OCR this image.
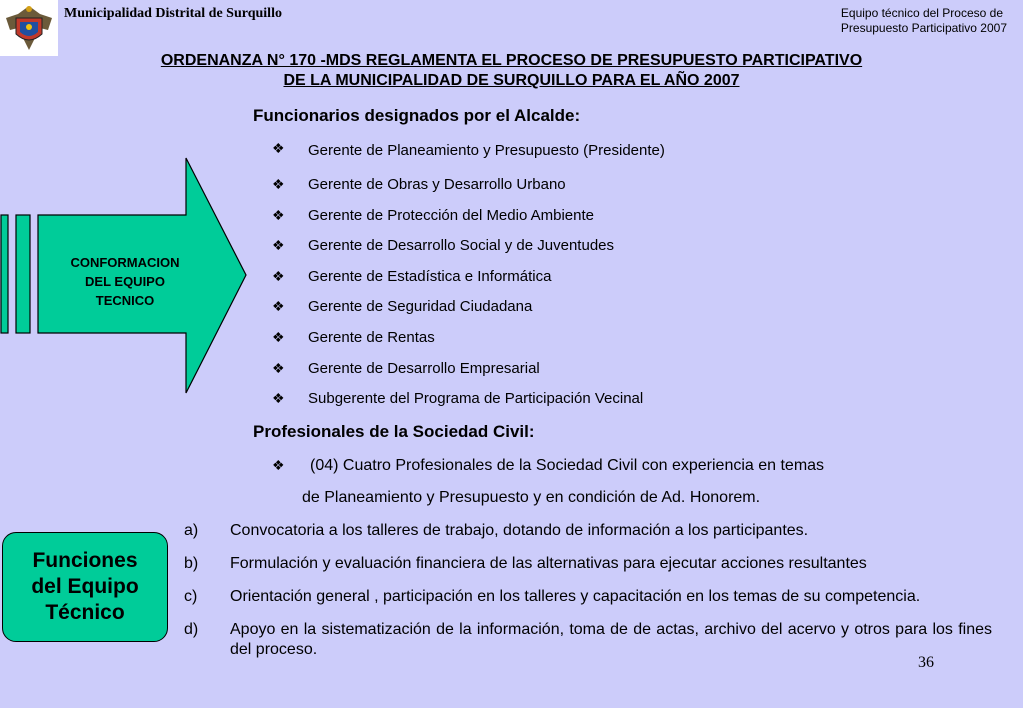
Municipalidad Distrital de Surquillo	Equipo técnico del Proceso de
Presupuesto Participativo 2007
ORDENANZA N° 170 -MDS REGLAMENTA EL PROCESO DE PRESUPUESTO PARTICIPATIVO
DE LA MUNICIPALIDAD DE SURQUILLO PARA EL AÑO 2007
CONFORMACION
DEL EQUIPO
TECNICO
Funcionarios designados por el Alcalde:
❖	Gerente de Planeamiento y Presupuesto (Presidente)
❖	Gerente de Obras y Desarrollo Urbano
❖	Gerente de Protección del Medio Ambiente
❖	Gerente de Desarrollo Social y de Juventudes
❖	Gerente de Estadística e Informática
❖	Gerente de Seguridad Ciudadana
❖	Gerente de Rentas
❖	Gerente de Desarrollo Empresarial
❖	Subgerente del Programa de Participación Vecinal
Profesionales de la Sociedad Civil:
❖ (04) Cuatro Profesionales de la Sociedad Civil con experiencia en temas
de Planeamiento y Presupuesto y en condición de Ad. Honorem.
Funciones
del Equipo
Técnico
a)	Convocatoria a los talleres de trabajo, dotando de información a los participantes.
b)	Formulación y evaluación financiera de las alternativas para ejecutar acciones resultantes
c)	Orientación general , participación en los talleres y capacitación en los temas de su competencia.
d)	Apoyo en la sistematización de la información, toma de de actas, archivo del acervo y otros para los fines del proceso.
36
